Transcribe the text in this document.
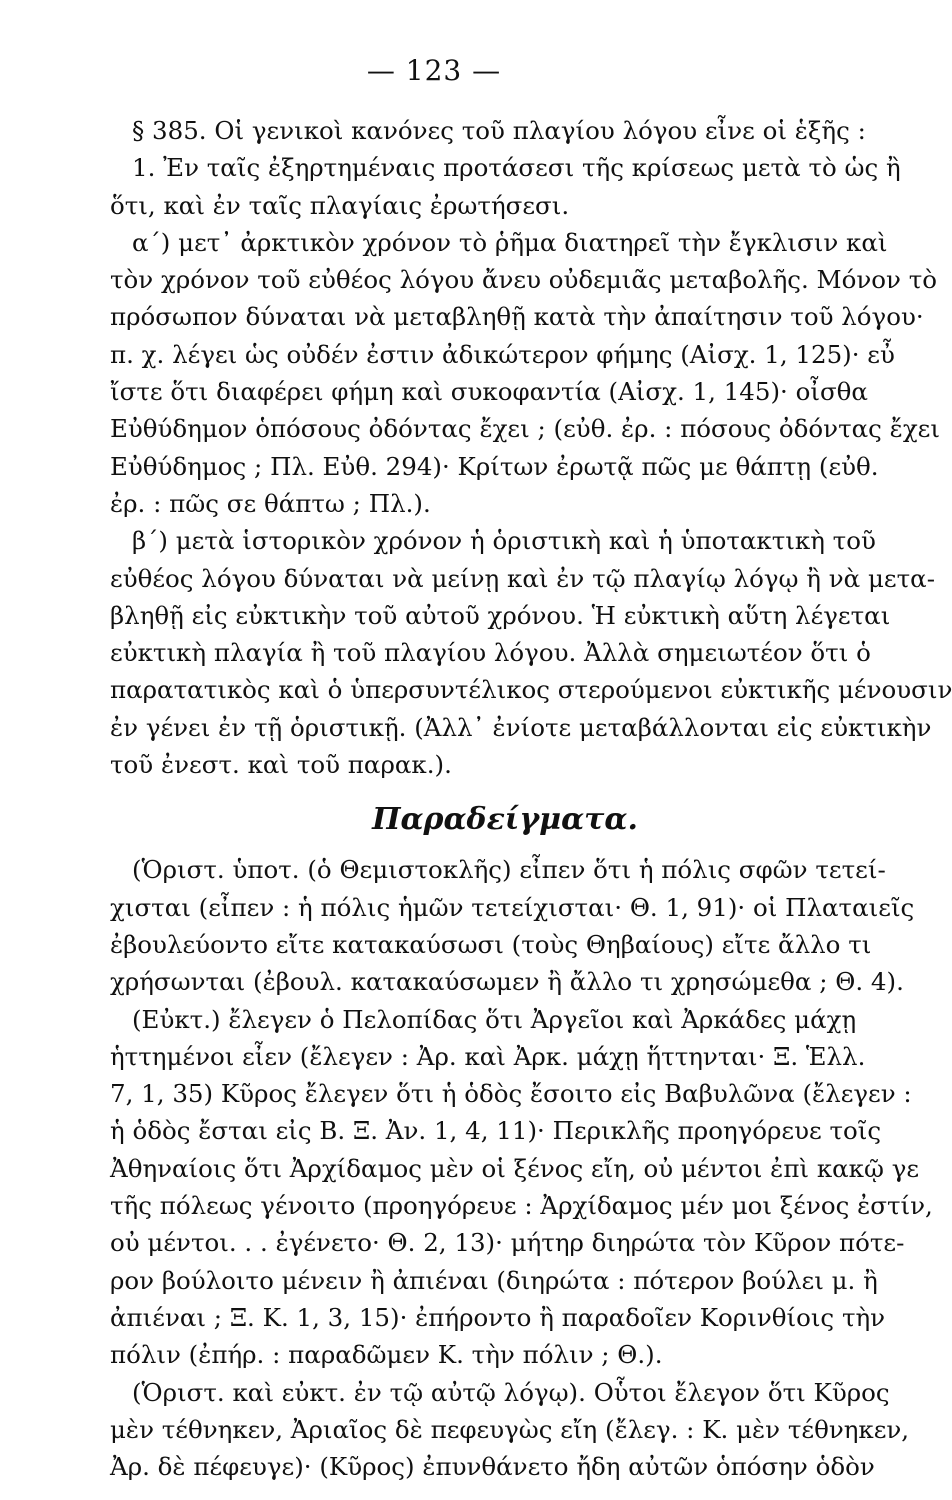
— 123 —
§ 385. Οἱ γενικοὶ κανόνες τοῦ πλαγίου λόγου εἶνε οἱ ἑξῆς :
1. Ἐν ταῖς ἐξηρτημέναις προτάσεσι τῆς κρίσεως μετὰ τὸ ὡς ἢ
ὅτι, καὶ ἐν ταῖς πλαγίαις ἐρωτήσεσι.
α΄) μετ᾽ ἀρκτικὸν χρόνον τὸ ῥῆμα διατηρεῖ τὴν ἔγκλισιν καὶ
τὸν χρόνον τοῦ εὐθέος λόγου ἄνευ οὐδεμιᾶς μεταβολῆς. Μόνον τὸ
πρόσωπον δύναται νὰ μεταβληθῇ κατὰ τὴν ἀπαίτησιν τοῦ λόγου·
π. χ. λέγει ὡς οὐδέν ἐστιν ἀδικώτερον φήμης (Αἰσχ. 1, 125)· εὖ
ἴστε ὅτι διαφέρει φήμη καὶ συκοφαντία (Αἰσχ. 1, 145)· οἶσθα
Εὐθύδημον ὁπόσους ὀδόντας ἔχει ; (εὐθ. ἐρ. : πόσους ὀδόντας ἔχει
Εὐθύδημος ; Πλ. Εὐθ. 294)· Κρίτων ἐρωτᾷ πῶς με θάπτῃ (εὐθ.
ἐρ. : πῶς σε θάπτω ; Πλ.).
β΄) μετὰ ἱστορικὸν χρόνον ἡ ὁριστικὴ καὶ ἡ ὑποτακτικὴ τοῦ
εὐθέος λόγου δύναται νὰ μείνῃ καὶ ἐν τῷ πλαγίῳ λόγῳ ἢ νὰ μετα-
βληθῇ εἰς εὐκτικὴν τοῦ αὐτοῦ χρόνου. Ἡ εὐκτικὴ αὕτη λέγεται
εὐκτικὴ πλαγία ἢ τοῦ πλαγίου λόγου. Ἀλλὰ σημειωτέον ὅτι ὁ
παρατατικὸς καὶ ὁ ὑπερσυντέλικος στερούμενοι εὐκτικῆς μένουσιν
ἐν γένει ἐν τῇ ὁριστικῇ. (Ἀλλ᾽ ἐνίοτε μεταβάλλονται εἰς εὐκτικὴν
τοῦ ἐνεστ. καὶ τοῦ παρακ.).
Παραδείγματα.
(Ὁριστ. ὑποτ. (ὁ Θεμιστοκλῆς) εἶπεν ὅτι ἡ πόλις σφῶν τετεί-
χισται (εἶπεν : ἡ πόλις ἡμῶν τετείχισται· Θ. 1, 91)· οἱ Πλαταιεῖς
ἐβουλεύοντο εἴτε κατακαύσωσι (τοὺς Θηβαίους) εἴτε ἄλλο τι
χρήσωνται (ἐβουλ. κατακαύσωμεν ἢ ἄλλο τι χρησώμεθα ; Θ. 4).
(Εὐκτ.) ἔλεγεν ὁ Πελοπίδας ὅτι Ἀργεῖοι καὶ Ἀρκάδες μάχῃ
ἡττημένοι εἶεν (ἔλεγεν : Ἀρ. καὶ Ἀρκ. μάχῃ ἥττηνται· Ξ. Ἑλλ.
7, 1, 35) Κῦρος ἔλεγεν ὅτι ἡ ὁδὸς ἔσοιτο εἰς Βαβυλῶνα (ἔλεγεν :
ἡ ὁδὸς ἔσται εἰς Β. Ξ. Ἀν. 1, 4, 11)· Περικλῆς προηγόρευε τοῖς
Ἀθηναίοις ὅτι Ἀρχίδαμος μὲν οἱ ξένος εἴη, οὐ μέντοι ἐπὶ κακῷ γε
τῆς πόλεως γένοιτο (προηγόρευε : Ἀρχίδαμος μέν μοι ξένος ἐστίν,
οὐ μέντοι. . . ἐγένετο· Θ. 2, 13)· μήτηρ διηρώτα τὸν Κῦρον πότε-
ρον βούλοιτο μένειν ἢ ἀπιέναι (διηρώτα : πότερον βούλει μ. ἢ
ἀπιέναι ; Ξ. Κ. 1, 3, 15)· ἐπήροντο ἢ παραδοῖεν Κορινθίοις τὴν
πόλιν (ἐπήρ. : παραδῶμεν Κ. τὴν πόλιν ; Θ.).
(Ὁριστ. καὶ εὐκτ. ἐν τῷ αὐτῷ λόγῳ). Οὗτοι ἔλεγον ὅτι Κῦρος
μὲν τέθνηκεν, Ἀριαῖος δὲ πεφευγὼς εἴη (ἔλεγ. : Κ. μὲν τέθνηκεν,
Ἀρ. δὲ πέφευγε)· (Κῦρος) ἐπυνθάνετο ἤδη αὐτῶν ὁπόσην ὁδὸν
